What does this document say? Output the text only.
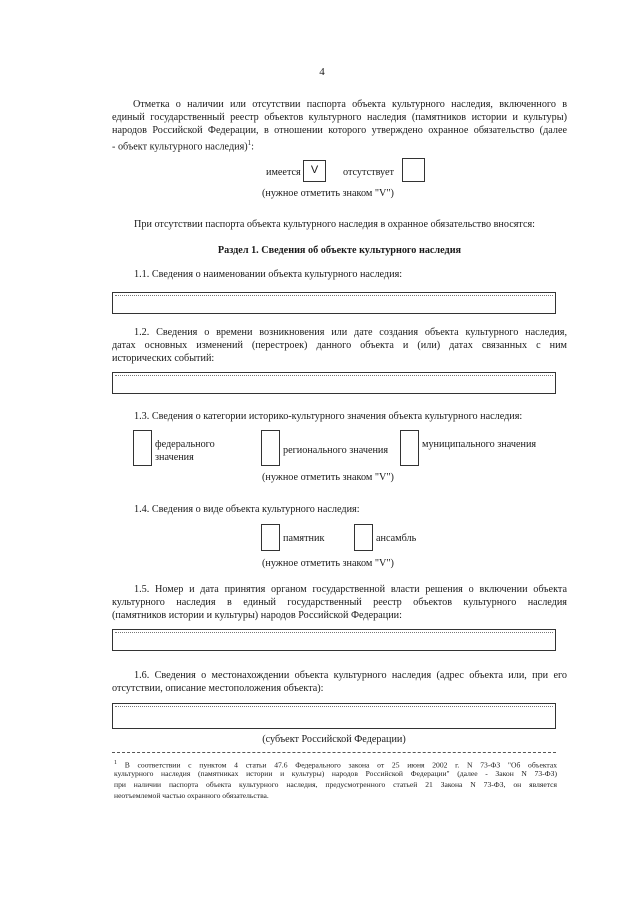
4
Отметка о наличии или отсутствии паспорта объекта культурного наследия, включенного в
единый государственный реестр объектов культурного наследия (памятников истории и культуры)
народов Российской Федерации, в отношении которого утверждено охранное обязательство (далее
- объект культурного наследия)$^1$:
имеется V	отсутствует
(нужное отметить знаком "V")
При отсутствии паспорта объекта культурного наследия в охранное обязательство вносятся:
Раздел 1. Сведения об объекте культурного наследия
1.1. Сведения о наименовании объекта культурного наследия:
1.2. Сведения о времени возникновения или дате создания объекта культурного наследия,
датах основных изменений (перестроек) данного объекта и (или) датах связанных с ним
исторических событий:
1.3. Сведения о категории историко-культурного значения объекта культурного наследия:
федерального
значения
регионального значения
муниципального значения
(нужное отметить знаком "V")
1.4. Сведения о виде объекта культурного наследия:
памятник	ансамбль
(нужное отметить знаком "V")
1.5. Номер и дата принятия органом государственной власти решения о включении объекта
культурного наследия в единый государственный реестр объектов культурного наследия
(памятников истории и культуры) народов Российской Федерации:
1.6. Сведения о местонахождении объекта культурного наследия (адрес объекта или, при его
отсутствии, описание местоположения объекта):
(субъект Российской Федерации)
$^1$ В соответствии с пунктом 4 статьи 47.6 Федерального закона от 25 июня 2002 г. N 73-ФЗ "Об объектах
культурного наследия (памятниках истории и культуры) народов Российской Федерации" (далее - Закон N 73-ФЗ)
при наличии паспорта объекта культурного наследия, предусмотренного статьей 21 Закона N 73-ФЗ, он является
неотъемлемой частью охранного обязательства.
